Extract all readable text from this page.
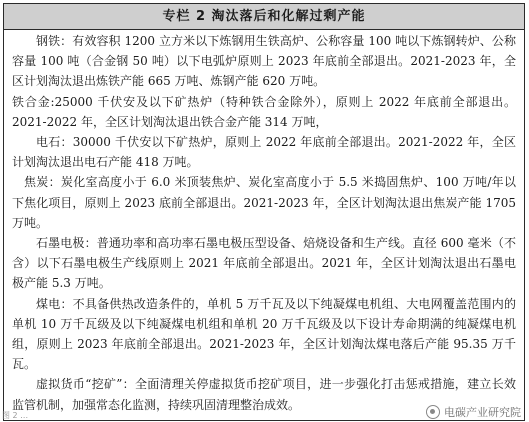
专栏 2 淘汰落后和化解过剩产能

钢铁：有效容积 1200 立方米以下炼钢用生铁高炉、公称容量 100 吨以下炼钢转炉、公称容量 100 吨（合金钢 50 吨）以下电弧炉原则上 2023 年底前全部退出。2021-2023 年，全区计划淘汰退出炼铁产能 665 万吨、炼钢产能 620 万吨。

铁合金:25000 千伏安及以下矿热炉（特种铁合金除外），原则上 2022 年底前全部退出。2021-2022 年，全区计划淘汰退出铁合金产能 314 万吨，

电石：30000 千伏安以下矿热炉，原则上 2022 年底前全部退出。2021-2022 年，全区计划淘汰退出电石产能 418 万吨。

焦炭：炭化室高度小于 6.0 米顶装焦炉、炭化室高度小于 5.5 米捣固焦炉、100 万吨/年以下焦化项目，原则上 2023 底前全部退出。2021-2023 年，全区计划淘汰退出焦炭产能 1705 万吨。

石墨电极：普通功率和高功率石墨电极压型设备、焙烧设备和生产线。直径 600 毫米（不含）以下石墨电极生产线原则上 2021 年底前全部退出。2021 年，全区计划淘汰退出石墨电极产能 5.3 万吨。

煤电：不具备供热改造条件的，单机 5 万千瓦及以下纯凝煤电机组、大电网覆盖范围内的单机 10 万千瓦级及以下纯凝煤电机组和单机 20 万千瓦级及以下设计寿命期满的纯凝煤电机组，原则上 2023 年底前全部退出。2021-2023 年，全区计划淘汰煤电落后产能 95.35 万千瓦。

虚拟货币“挖矿”：全面清理关停虚拟货币挖矿项目，进一步强化打击惩戒措施，建立长效监管机制，加强常态化监测，持续巩固清理整治成效。

图 2 …	电碳产业研究院
